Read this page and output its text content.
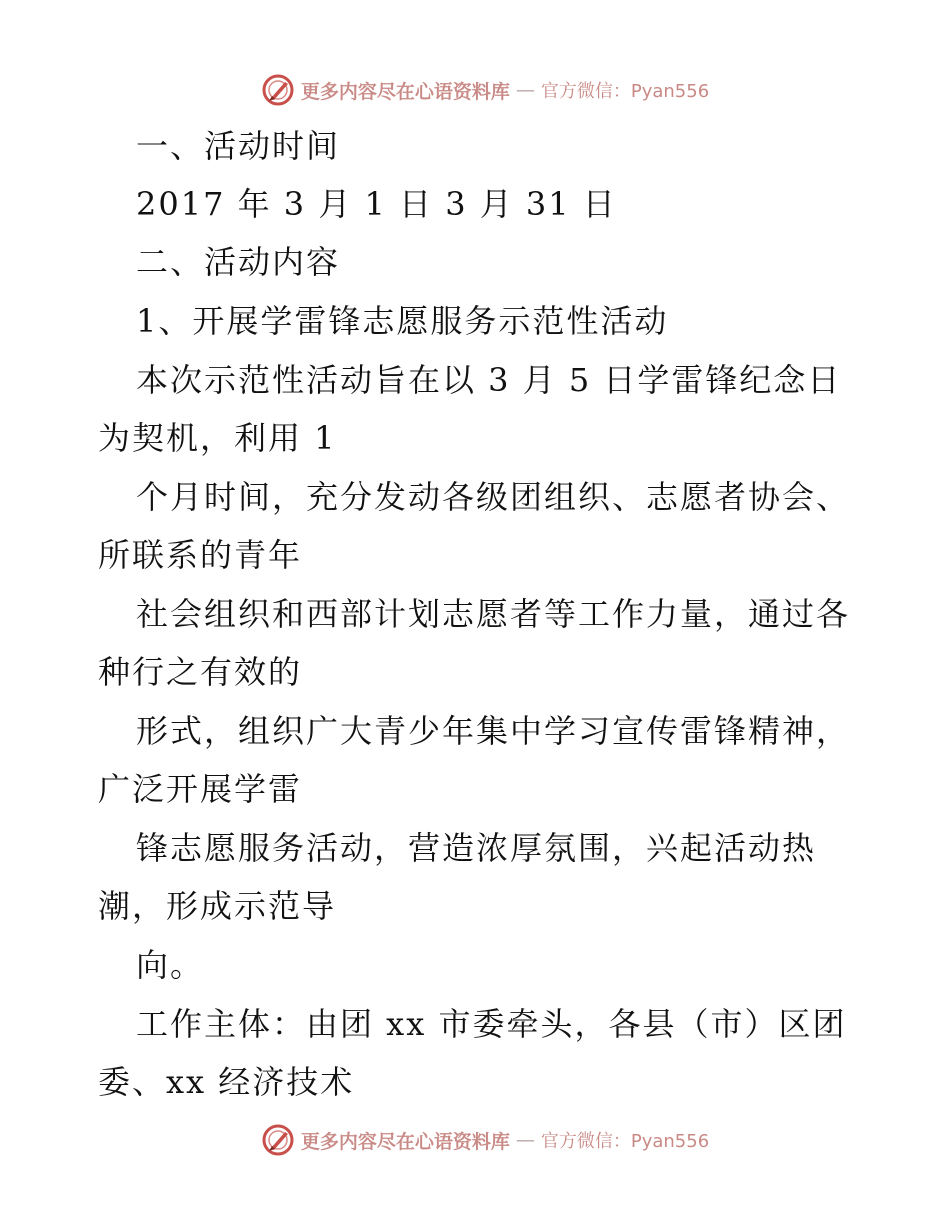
更多内容尽在心语资料库 — 官方微信：Pyan556
一、活动时间
2017 年 3 月 1 日 3 月 31 日
二、活动内容
1、开展学雷锋志愿服务示范性活动
本次示范性活动旨在以 3 月 5 日学雷锋纪念日
为契机，利用 1
个月时间，充分发动各级团组织、志愿者协会、
所联系的青年
社会组织和西部计划志愿者等工作力量，通过各
种行之有效的
形式，组织广大青少年集中学习宣传雷锋精神，
广泛开展学雷
锋志愿服务活动，营造浓厚氛围，兴起活动热
潮，形成示范导
向。
工作主体：由团 xx 市委牵头，各县（市）区团
委、xx 经济技术
更多内容尽在心语资料库 — 官方微信：Pyan556
